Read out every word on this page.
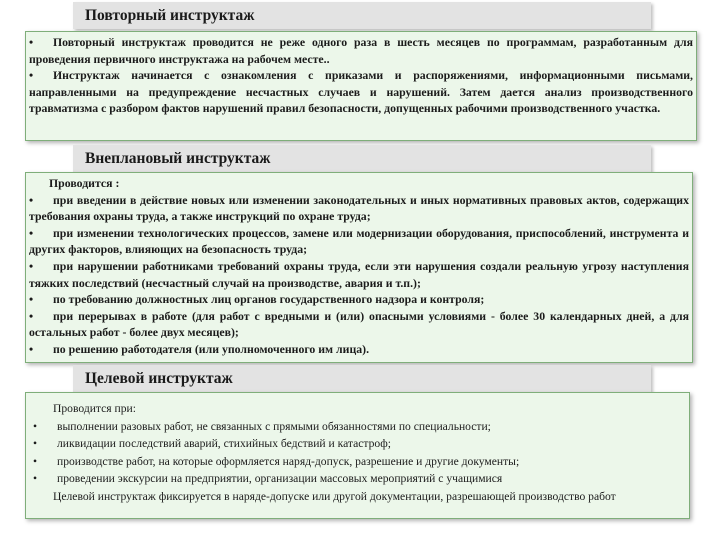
Повторный инструктаж

• Повторный инструктаж проводится не реже одного раза в шесть месяцев по программам, разработанным для проведения первичного инструктажа на рабочем месте..

• Инструктаж начинается с ознакомления с приказами и распоряжениями, информационными письмами, направленными на предупреждение несчастных случаев и нарушений. Затем дается анализ производственного травматизма с разбором фактов нарушений правил безопасности, допущенных рабочими производственного участка.

Внеплановый инструктаж

Проводится :

• при введении в действие новых или изменении законодательных и иных нормативных правовых актов, содержащих требования охраны труда, а также инструкций по охране труда;

• при изменении технологических процессов, замене или модернизации оборудования, приспособлений, инструмента и других факторов, влияющих на безопасность труда;

• при нарушении работниками требований охраны труда, если эти нарушения создали реальную угрозу наступления тяжких последствий (несчастный случай на производстве, авария и т.п.);

• по требованию должностных лиц органов государственного надзора и контроля;

• при перерывах в работе (для работ с вредными и (или) опасными условиями - более 30 календарных дней, а для остальных работ - более двух месяцев);

• по решению работодателя (или уполномоченного им лица).

Целевой инструктаж

Проводится при:

• выполнении разовых работ, не связанных с прямыми обязанностями по специальности;

• ликвидации последствий аварий, стихийных бедствий и катастроф;

• производстве работ, на которые оформляется наряд-допуск, разрешение и другие документы;

• проведении экскурсии на предприятии, организации массовых мероприятий с учащимися

Целевой инструктаж фиксируется в наряде-допуске или другой документации, разрешающей производство работ
